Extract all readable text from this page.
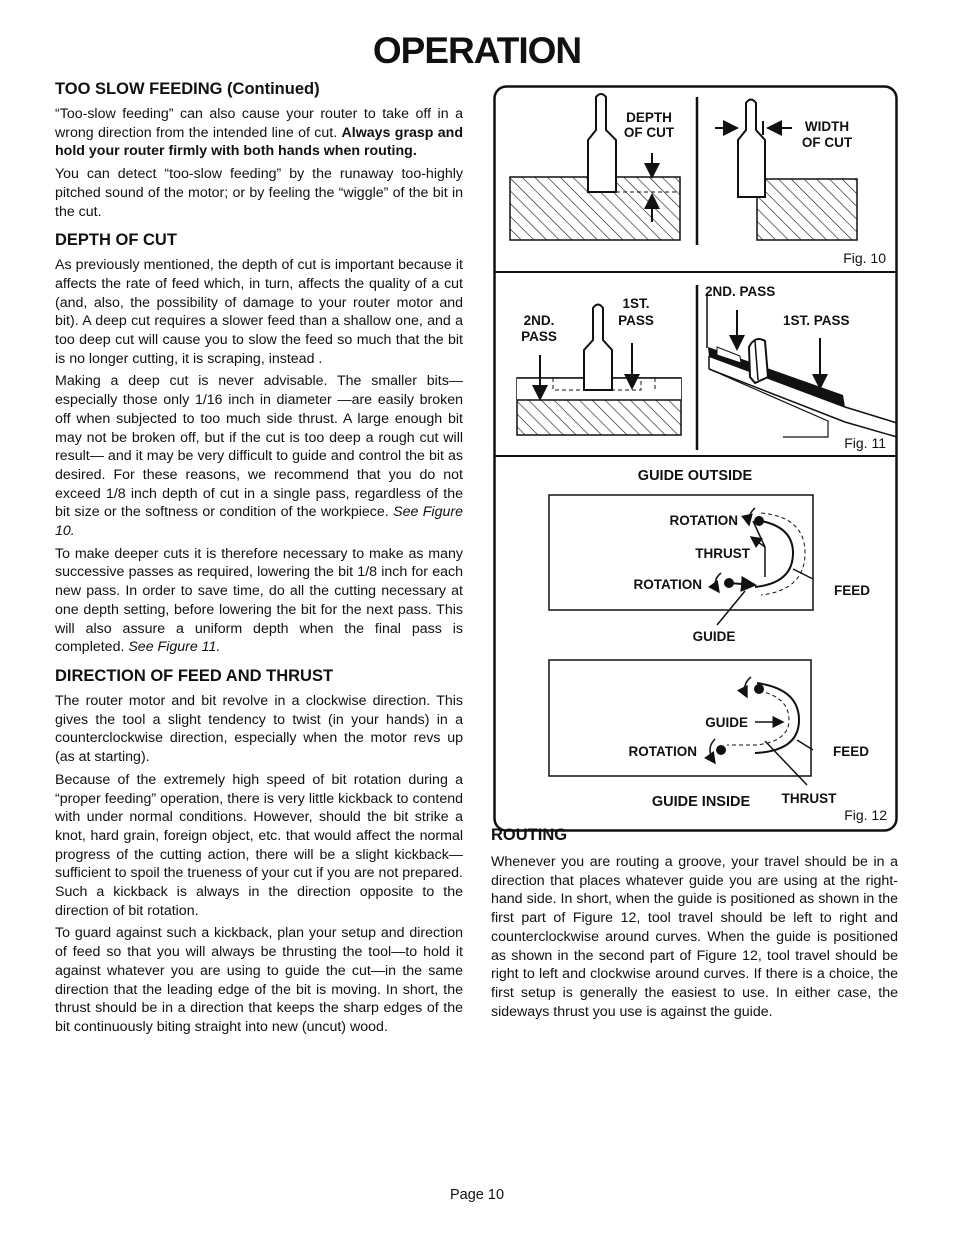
OPERATION
TOO SLOW FEEDING (Continued)

“Too-slow feeding” can also cause your router to take off in a wrong direction from the intended line of cut. Always grasp and hold your router firmly with both hands when routing.

You can detect “too-slow feeding” by the runaway too-highly pitched sound of the motor; or by feeling the “wiggle” of the bit in the cut.

DEPTH OF CUT

As previously mentioned, the depth of cut is important because it affects the rate of feed which, in turn, affects the quality of a cut (and, also, the possibility of damage to your router motor and bit). A deep cut requires a slower feed than a shallow one, and a too deep cut will cause you to slow the feed so much that the bit is no longer cutting, it is scraping, instead .

Making a deep cut is never advisable. The smaller bits—especially those only 1/16 inch in diameter —are easily broken off when subjected to too much side thrust. A large enough bit may not be broken off, but if the cut is too deep a rough cut will result— and it may be very difficult to guide and control the bit as desired. For these reasons, we recommend that you do not exceed 1/8 inch depth of cut in a single pass, regardless of the bit size or the softness or condition of the workpiece. See Figure 10.

To make deeper cuts it is therefore necessary to make as many successive passes as required, lowering the bit 1/8 inch for each new pass. In order to save time, do all the cutting necessary at one depth setting, before lowering the bit for the next pass. This will also assure a uniform depth when the final pass is completed. See Figure 11.

DIRECTION OF FEED AND THRUST

The router motor and bit revolve in a clockwise direction. This gives the tool a slight tendency to twist (in your hands) in a counterclockwise direction, especially when the motor revs up (as at starting).

Because of the extremely high speed of bit rotation during a “proper feeding” operation, there is very little kickback to contend with under normal conditions. However, should the bit strike a knot, hard grain, foreign object, etc. that would affect the normal progress of the cutting action, there will be a slight kickback—sufficient to spoil the trueness of your cut if you are not prepared. Such a kickback is always in the direction opposite to the direction of bit rotation.

To guard against such a kickback, plan your setup and direction of feed so that you will always be thrusting the tool—to hold it against whatever you are using to guide the cut—in the same direction that the leading edge of the bit is moving. In short, the thrust should be in a direction that keeps the sharp edges of the bit continuously biting straight into new (uncut) wood.

DEPTH
OF CUT	WIDTH
OF CUT
Fig. 10
2ND.
PASS
1ST.
PASS
2ND. PASS
1ST. PASS
Fig. 11
GUIDE OUTSIDE
ROTATION
THRUST
ROTATION	FEED
GUIDE
GUIDE
ROTATION	FEED
GUIDE INSIDE THRUST
Fig. 12
ROUTING

Whenever you are routing a groove, your travel should be in a direction that places whatever guide you are using at the right-hand side. In short, when the guide is positioned as shown in the first part of Figure 12, tool travel should be left to right and counterclockwise around curves. When the guide is positioned as shown in the second part of Figure 12, tool travel should be right to left and clockwise around curves. If there is a choice, the first setup is generally the easiest to use. In either case, the sideways thrust you use is against the guide.

Page 10
